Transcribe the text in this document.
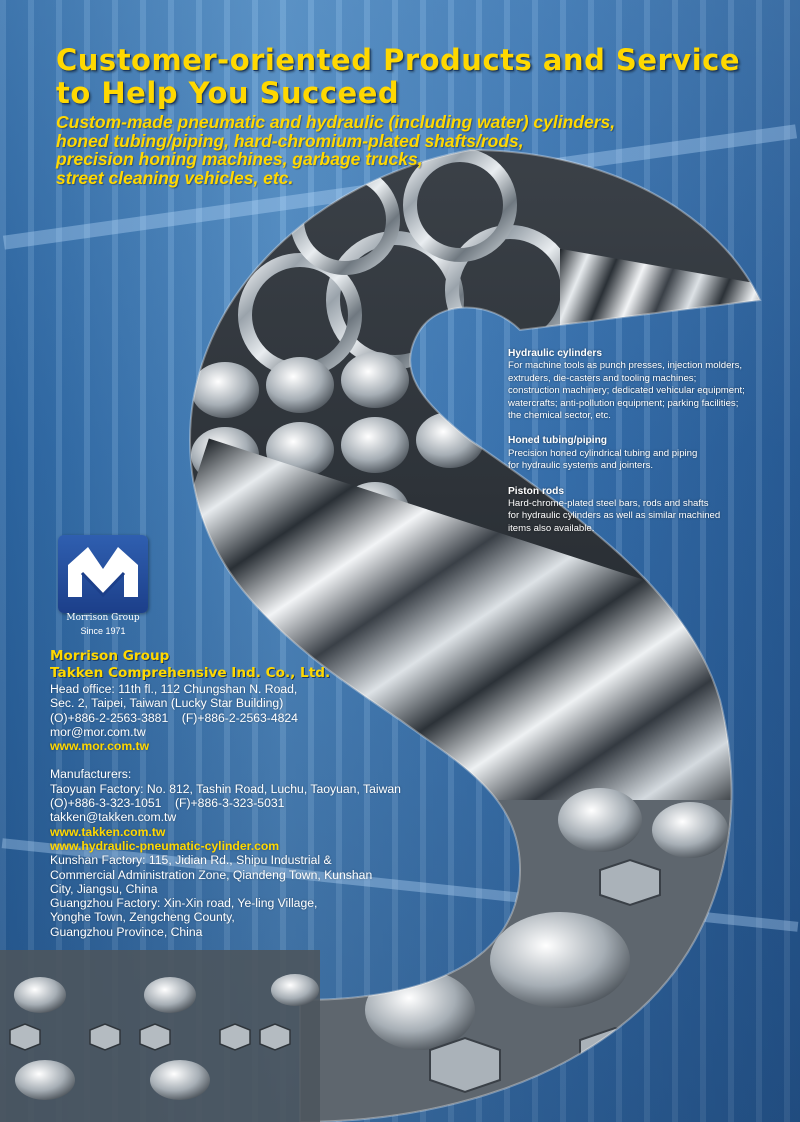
Customer-oriented Products and Service
to Help You Succeed
Custom-made pneumatic and hydraulic (including water) cylinders,
honed tubing/piping, hard-chromium-plated shafts/rods,
precision honing machines, garbage trucks,
street cleaning vehicles, etc.
Hydraulic cylinders
For machine tools as punch presses, injection molders,
extruders, die-casters and tooling machines;
construction machinery; dedicated vehicular equipment;
watercrafts; anti-pollution equipment; parking facilities;
the chemical sector, etc.
Honed tubing/piping
Precision honed cylindrical tubing and piping
for hydraulic systems and jointers.
Piston rods
Hard-chrome-plated steel bars, rods and shafts
for hydraulic cylinders as well as similar machined
items also available.
Morrison Group
Since 1971
Morrison Group
Takken Comprehensive Ind. Co., Ltd.
Head office: 11th fl., 112 Chungshan N. Road,
Sec. 2, Taipei, Taiwan (Lucky Star Building)
(O)+886-2-2563-3881    (F)+886-2-2563-4824
mor@mor.com.tw
www.mor.com.tw
Manufacturers:
Taoyuan Factory: No. 812, Tashin Road, Luchu, Taoyuan, Taiwan
(O)+886-3-323-1051    (F)+886-3-323-5031
takken@takken.com.tw
www.takken.com.tw
www.hydraulic-pneumatic-cylinder.com
Kunshan Factory: 115, Jidian Rd., Shipu Industrial &
Commercial Administration Zone, Qiandeng Town, Kunshan
City, Jiangsu, China
Guangzhou Factory: Xin-Xin road, Ye-ling Village,
Yonghe Town, Zengcheng County,
Guangzhou Province, China
